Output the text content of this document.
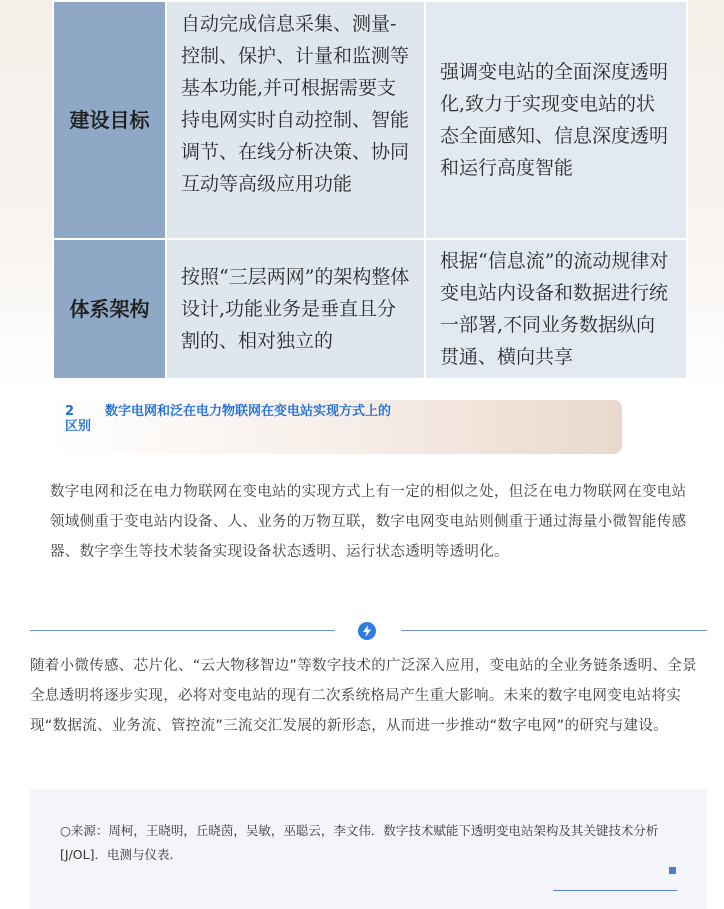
建设目标	自动完成信息采集、测量-控制、保护、计量和监测等基本功能,并可根据需要支持电网实时自动控制、智能调节、在线分析决策、协同互动等高级应用功能	强调变电站的全面深度透明化,致力于实现变电站的状态全面感知、信息深度透明和运行高度智能
体系架构	按照“三层两网”的架构整体设计,功能业务是垂直且分割的、相对独立的	根据“信息流”的流动规律对变电站内设备和数据进行统一部署,不同业务数据纵向贯通、横向共享
2	数字电网和泛在电力物联网在变电站实现方式上的区别

数字电网和泛在电力物联网在变电站的实现方式上有一定的相似之处，但泛在电力物联网在变电站领域侧重于变电站内设备、人、业务的万物互联，数字电网变电站则侧重于通过海量小微智能传感器、数字孪生等技术装备实现设备状态透明、运行状态透明等透明化。

随着小微传感、芯片化、“云大物移智边”等数字技术的广泛深入应用，变电站的全业务链条透明、全景全息透明将逐步实现，必将对变电站的现有二次系统格局产生重大影响。未来的数字电网变电站将实现“数据流、业务流、管控流”三流交汇发展的新形态，从而进一步推动“数字电网”的研究与建设。

○来源：周柯，王晓明，丘晓茵，吴敏，巫聪云，李文伟．数字技术赋能下透明变电站架构及其关键技术分析[J/OL]．电测与仪表.
